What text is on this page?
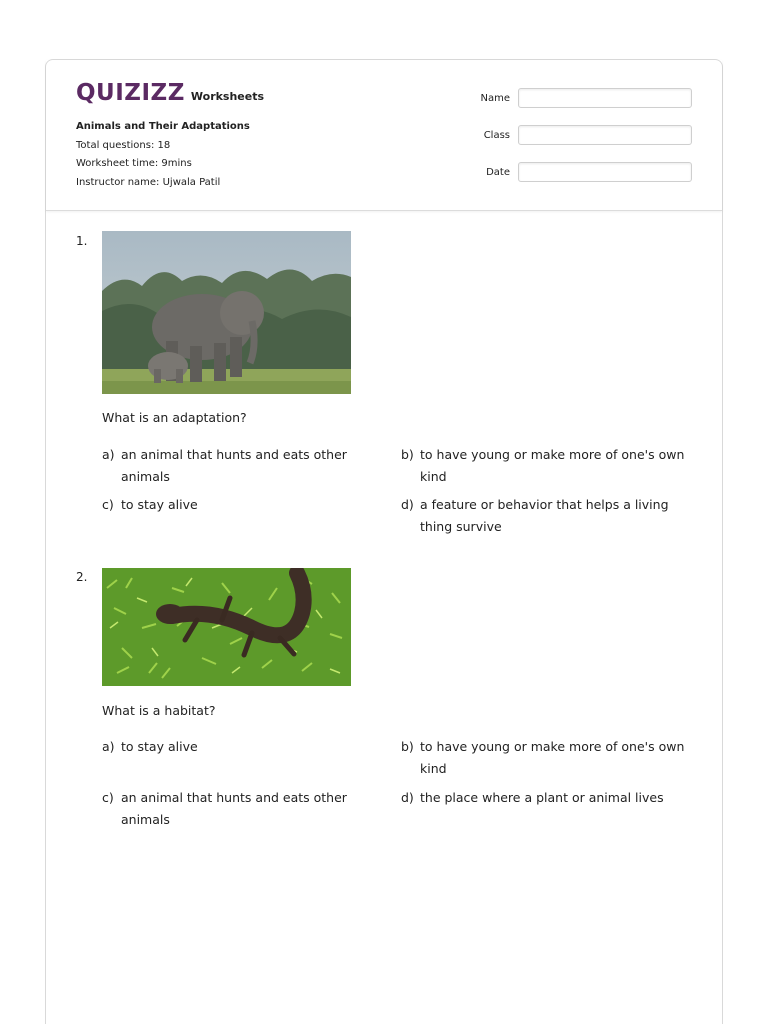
QUIZIZZ Worksheets
Animals and Their Adaptations
Total questions: 18
Worksheet time: 9mins
Instructor name: Ujwala Patil
Name
Class
Date
1.
What is an adaptation?
a) an animal that hunts and eats other animals
b) to have young or make more of one's own kind
c) to stay alive	d) a feature or behavior that helps a living thing survive
2.
What is a habitat?
a) to stay alive	b) to have young or make more of one's own kind
c) an animal that hunts and eats other animals
d) the place where a plant or animal lives
